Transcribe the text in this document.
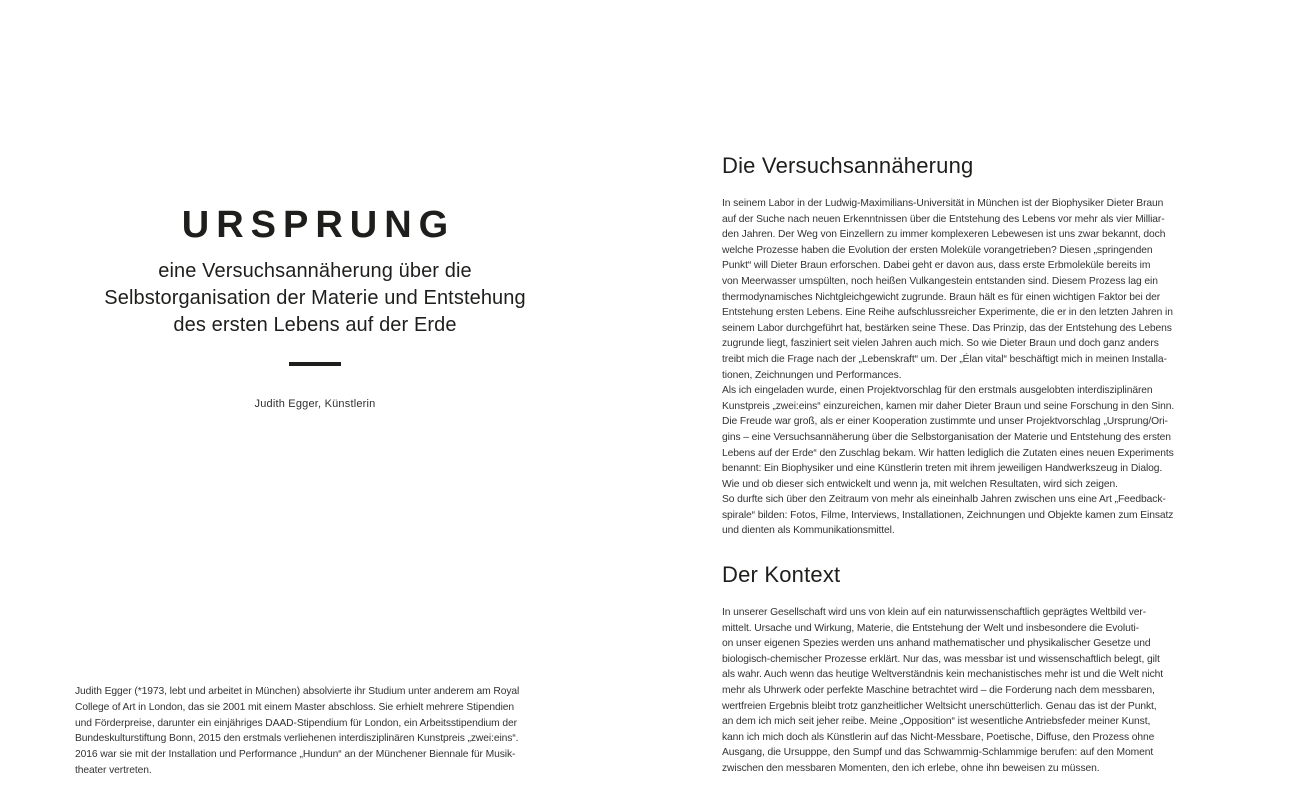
URSPRUNG
eine Versuchsannäherung über die
Selbstorganisation der Materie und Entstehung
des ersten Lebens auf der Erde
Judith Egger, Künstlerin
Judith Egger (*1973, lebt und arbeitet in München) absolvierte ihr Studium unter anderem am Royal
College of Art in London, das sie 2001 mit einem Master abschloss. Sie erhielt mehrere Stipendien
und Förderpreise, darunter ein einjähriges DAAD-Stipendium für London, ein Arbeitsstipendium der
Bundeskulturstiftung Bonn, 2015 den erstmals verliehenen interdisziplinären Kunstpreis „zwei:eins“.
2016 war sie mit der Installation und Performance „Hundun“ an der Münchener Biennale für Musik-
theater vertreten.
Die Versuchsannäherung
In seinem Labor in der Ludwig-Maximilians-Universität in München ist der Biophysiker Dieter Braun
auf der Suche nach neuen Erkenntnissen über die Entstehung des Lebens vor mehr als vier Milliar-
den Jahren. Der Weg von Einzellern zu immer komplexeren Lebewesen ist uns zwar bekannt, doch
welche Prozesse haben die Evolution der ersten Moleküle vorangetrieben? Diesen „springenden
Punkt“ will Dieter Braun erforschen. Dabei geht er davon aus, dass erste Erbmoleküle bereits im
von Meerwasser umspülten, noch heißen Vulkangestein entstanden sind. Diesem Prozess lag ein
thermodynamisches Nichtgleichgewicht zugrunde. Braun hält es für einen wichtigen Faktor bei der
Entstehung ersten Lebens. Eine Reihe aufschlussreicher Experimente, die er in den letzten Jahren in
seinem Labor durchgeführt hat, bestärken seine These. Das Prinzip, das der Entstehung des Lebens
zugrunde liegt, fasziniert seit vielen Jahren auch mich. So wie Dieter Braun und doch ganz anders
treibt mich die Frage nach der „Lebenskraft“ um. Der „Élan vital“ beschäftigt mich in meinen Installa-
tionen, Zeichnungen und Performances.
Als ich eingeladen wurde, einen Projektvorschlag für den erstmals ausgelobten interdisziplinären
Kunstpreis „zwei:eins“ einzureichen, kamen mir daher Dieter Braun und seine Forschung in den Sinn.
Die Freude war groß, als er einer Kooperation zustimmte und unser Projektvorschlag „Ursprung/Ori-
gins – eine Versuchsannäherung über die Selbstorganisation der Materie und Entstehung des ersten
Lebens auf der Erde“ den Zuschlag bekam. Wir hatten lediglich die Zutaten eines neuen Experiments
benannt: Ein Biophysiker und eine Künstlerin treten mit ihrem jeweiligen Handwerkszeug in Dialog.
Wie und ob dieser sich entwickelt und wenn ja, mit welchen Resultaten, wird sich zeigen.
So durfte sich über den Zeitraum von mehr als eineinhalb Jahren zwischen uns eine Art „Feedback-
spirale“ bilden: Fotos, Filme, Interviews, Installationen, Zeichnungen und Objekte kamen zum Einsatz
und dienten als Kommunikationsmittel.
Der Kontext
In unserer Gesellschaft wird uns von klein auf ein naturwissenschaftlich geprägtes Weltbild ver-
mittelt. Ursache und Wirkung, Materie, die Entstehung der Welt und insbesondere die Evoluti-
on unser eigenen Spezies werden uns anhand mathematischer und physikalischer Gesetze und
biologisch-chemischer Prozesse erklärt. Nur das, was messbar ist und wissenschaftlich belegt, gilt
als wahr. Auch wenn das heutige Weltverständnis kein mechanistisches mehr ist und die Welt nicht
mehr als Uhrwerk oder perfekte Maschine betrachtet wird – die Forderung nach dem messbaren,
wertfreien Ergebnis bleibt trotz ganzheitlicher Weltsicht unerschütterlich. Genau das ist der Punkt,
an dem ich mich seit jeher reibe. Meine „Opposition“ ist wesentliche Antriebsfeder meiner Kunst,
kann ich mich doch als Künstlerin auf das Nicht-Messbare, Poetische, Diffuse, den Prozess ohne
Ausgang, die Ursupppe, den Sumpf und das Schwammig-Schlammige berufen: auf den Moment
zwischen den messbaren Momenten, den ich erlebe, ohne ihn beweisen zu müssen.
